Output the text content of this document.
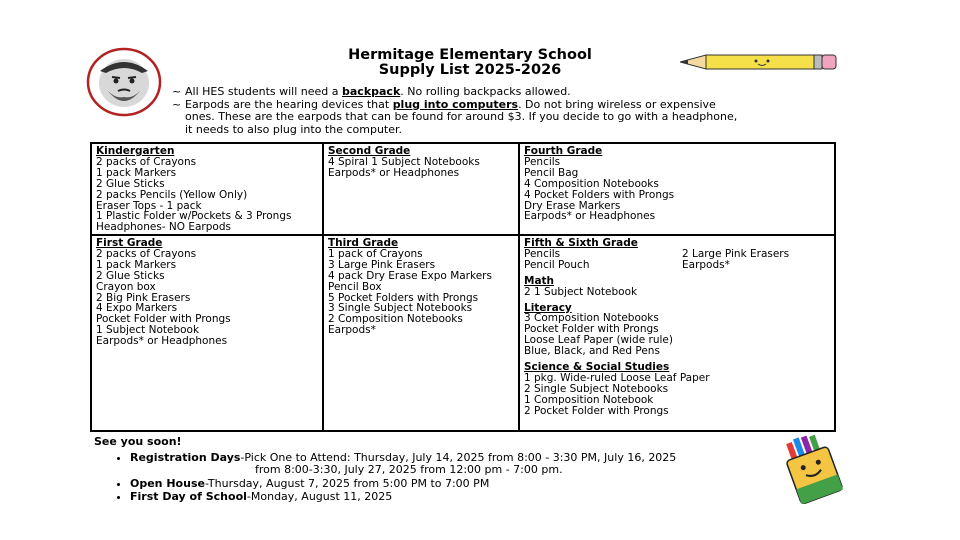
Hermitage Elementary School
Supply List 2025-2026
~ All HES students will need a backpack. No rolling backpacks allowed.
~ Earpods are the hearing devices that plug into computers. Do not bring wireless or expensive
ones. These are the earpods that can be found for around $3. If you decide to go with a headphone,
it needs to also plug into the computer.
Kindergarten
2 packs of Crayons
1 pack Markers
2 Glue Sticks
2 packs Pencils (Yellow Only)
Eraser Tops - 1 pack
1 Plastic Folder w/Pockets & 3 Prongs
Headphones- NO Earpods
Second Grade
4 Spiral 1 Subject Notebooks
Earpods* or Headphones
Fourth Grade
Pencils
Pencil Bag
4 Composition Notebooks
4 Pocket Folders with Prongs
Dry Erase Markers
Earpods* or Headphones
First Grade
2 packs of Crayons
1 pack Markers
2 Glue Sticks
Crayon box
2 Big Pink Erasers
4 Expo Markers
Pocket Folder with Prongs
1 Subject Notebook
Earpods* or Headphones
Third Grade
1 pack of Crayons
3 Large Pink Erasers
4 pack Dry Erase Expo Markers
Pencil Box
5 Pocket Folders with Prongs
3 Single Subject Notebooks
2 Composition Notebooks
Earpods*
Fifth & Sixth Grade
Pencils
Pencil Pouch
2 Large Pink Erasers
Earpods*
Math
2 1 Subject Notebook
Literacy
3 Composition Notebooks
Pocket Folder with Prongs
Loose Leaf Paper (wide rule)
Blue, Black, and Red Pens
Science & Social Studies
1 pkg. Wide-ruled Loose Leaf Paper
2 Single Subject Notebooks
1 Composition Notebook
2 Pocket Folder with Prongs
See you soon!
• Registration Days-Pick One to Attend: Thursday, July 14, 2025 from 8:00 - 3:30 PM, July 16, 2025
from 8:00-3:30, July 27, 2025 from 12:00 pm - 7:00 pm.
• Open House-Thursday, August 7, 2025 from 5:00 PM to 7:00 PM
• First Day of School-Monday, August 11, 2025
